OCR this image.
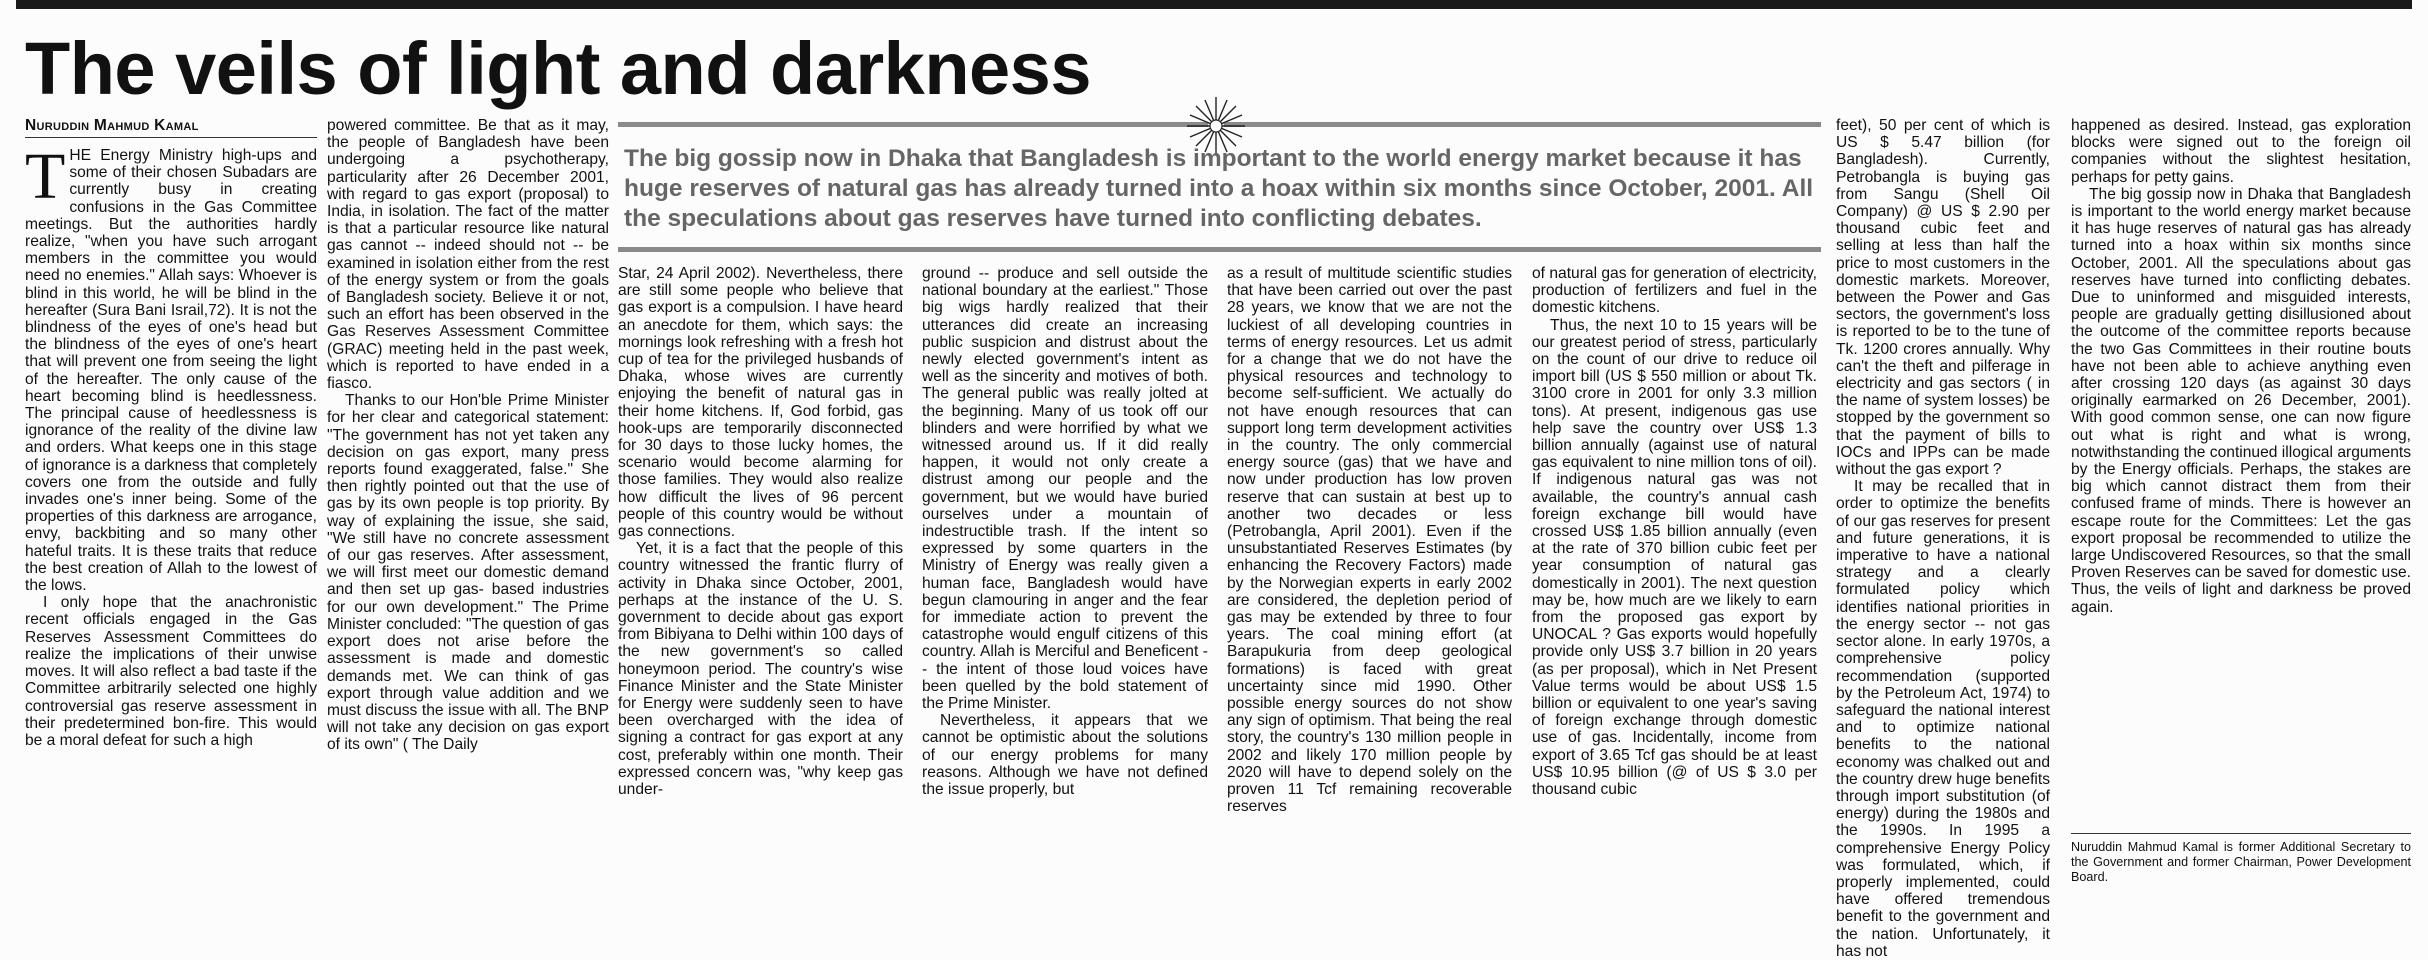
The veils of light and darkness
Nuruddin Mahmud Kamal

THE Energy Ministry high-ups and some of their chosen Subadars are currently busy in creating confusions in the Gas Committee meetings. But the authorities hardly realize, "when you have such arrogant members in the committee you would need no enemies." Allah says: Whoever is blind in this world, he will be blind in the hereafter (Sura Bani Israil,72). It is not the blindness of the eyes of one's head but the blindness of the eyes of one's heart that will prevent one from seeing the light of the hereafter. The only cause of the heart becoming blind is heedlessness. The principal cause of heedlessness is ignorance of the reality of the divine law and orders. What keeps one in this stage of ignorance is a darkness that completely covers one from the outside and fully invades one's inner being. Some of the properties of this darkness are arrogance, envy, backbiting and so many other hateful traits. It is these traits that reduce the best creation of Allah to the lowest of the lows.

I only hope that the anachronistic recent officials engaged in the Gas Reserves Assessment Committees do realize the implications of their unwise moves. It will also reflect a bad taste if the Committee arbitrarily selected one highly controversial gas reserve assessment in their predetermined bon-fire. This would be a moral defeat for such a high

powered committee. Be that as it may, the people of Bangladesh have been undergoing a psychotherapy, particularity after 26 December 2001, with regard to gas export (proposal) to India, in isolation. The fact of the matter is that a particular resource like natural gas cannot -- indeed should not -- be examined in isolation either from the rest of the energy system or from the goals of Bangladesh society. Believe it or not, such an effort has been observed in the Gas Reserves Assessment Committee (GRAC) meeting held in the past week, which is reported to have ended in a fiasco.

Thanks to our Hon'ble Prime Minister for her clear and categorical statement: "The government has not yet taken any decision on gas export, many press reports found exaggerated, false." She then rightly pointed out that the use of gas by its own people is top priority. By way of explaining the issue, she said, "We still have no concrete assessment of our gas reserves. After assessment, we will first meet our domestic demand and then set up gas- based industries for our own development." The Prime Minister concluded: "The question of gas export does not arise before the assessment is made and domestic demands met. We can think of gas export through value addition and we must discuss the issue with all. The BNP will not take any decision on gas export of its own" ( The Daily

The big gossip now in Dhaka that Bangladesh is important to the world energy market because it has huge reserves of natural gas has already turned into a hoax within six months since October, 2001. All the speculations about gas reserves have turned into conflicting debates.

Star, 24 April 2002). Nevertheless, there are still some people who believe that gas export is a compulsion. I have heard an anecdote for them, which says: the mornings look refreshing with a fresh hot cup of tea for the privileged husbands of Dhaka, whose wives are currently enjoying the benefit of natural gas in their home kitchens. If, God forbid, gas hook-ups are temporarily disconnected for 30 days to those lucky homes, the scenario would become alarming for those families. They would also realize how difficult the lives of 96 percent people of this country would be without gas connections.

Yet, it is a fact that the people of this country witnessed the frantic flurry of activity in Dhaka since October, 2001, perhaps at the instance of the U. S. government to decide about gas export from Bibiyana to Delhi within 100 days of the new government's so called honeymoon period. The country's wise Finance Minister and the State Minister for Energy were suddenly seen to have been overcharged with the idea of signing a contract for gas export at any cost, preferably within one month. Their expressed concern was, "why keep gas under-

ground -- produce and sell outside the national boundary at the earliest." Those big wigs hardly realized that their utterances did create an increasing public suspicion and distrust about the newly elected government's intent as well as the sincerity and motives of both. The general public was really jolted at the beginning. Many of us took off our blinders and were horrified by what we witnessed around us. If it did really happen, it would not only create a distrust among our people and the government, but we would have buried ourselves under a mountain of indestructible trash. If the intent so expressed by some quarters in the Ministry of Energy was really given a human face, Bangladesh would have begun clamouring in anger and the fear for immediate action to prevent the catastrophe would engulf citizens of this country. Allah is Merciful and Beneficent -- the intent of those loud voices have been quelled by the bold statement of the Prime Minister.

Nevertheless, it appears that we cannot be optimistic about the solutions of our energy problems for many reasons. Although we have not defined the issue properly, but

as a result of multitude scientific studies that have been carried out over the past 28 years, we know that we are not the luckiest of all developing countries in terms of energy resources. Let us admit for a change that we do not have the physical resources and technology to become self-sufficient. We actually do not have enough resources that can support long term development activities in the country. The only commercial energy source (gas) that we have and now under production has low proven reserve that can sustain at best up to another two decades or less (Petrobangla, April 2001). Even if the unsubstantiated Reserves Estimates (by enhancing the Recovery Factors) made by the Norwegian experts in early 2002 are considered, the depletion period of gas may be extended by three to four years. The coal mining effort (at Barapukuria from deep geological formations) is faced with great uncertainty since mid 1990. Other possible energy sources do not show any sign of optimism. That being the real story, the country's 130 million people in 2002 and likely 170 million people by 2020 will have to depend solely on the proven 11 Tcf remaining recoverable reserves

of natural gas for generation of electricity, production of fertilizers and fuel in the domestic kitchens.

Thus, the next 10 to 15 years will be our greatest period of stress, particularly on the count of our drive to reduce oil import bill (US $ 550 million or about Tk. 3100 crore in 2001 for only 3.3 million tons). At present, indigenous gas use help save the country over US$ 1.3 billion annually (against use of natural gas equivalent to nine million tons of oil). If indigenous natural gas was not available, the country's annual cash foreign exchange bill would have crossed US$ 1.85 billion annually (even at the rate of 370 billion cubic feet per year consumption of natural gas domestically in 2001). The next question may be, how much are we likely to earn from the proposed gas export by UNOCAL ? Gas exports would hopefully provide only US$ 3.7 billion in 20 years (as per proposal), which in Net Present Value terms would be about US$ 1.5 billion or equivalent to one year's saving of foreign exchange through domestic use of gas. Incidentally, income from export of 3.65 Tcf gas should be at least US$ 10.95 billion (@ of US $ 3.0 per thousand cubic

feet), 50 per cent of which is US $ 5.47 billion (for Bangladesh). Currently, Petrobangla is buying gas from Sangu (Shell Oil Company) @ US $ 2.90 per thousand cubic feet and selling at less than half the price to most customers in the domestic markets. Moreover, between the Power and Gas sectors, the government's loss is reported to be to the tune of Tk. 1200 crores annually. Why can't the theft and pilferage in electricity and gas sectors ( in the name of system losses) be stopped by the government so that the payment of bills to IOCs and IPPs can be made without the gas export ?

It may be recalled that in order to optimize the benefits of our gas reserves for present and future generations, it is imperative to have a national strategy and a clearly formulated policy which identifies national priorities in the energy sector -- not gas sector alone. In early 1970s, a comprehensive policy recommendation (supported by the Petroleum Act, 1974) to safeguard the national interest and to optimize national benefits to the national economy was chalked out and the country drew huge benefits through import substitution (of energy) during the 1980s and the 1990s. In 1995 a comprehensive Energy Policy was formulated, which, if properly implemented, could have offered tremendous benefit to the government and the nation. Unfortunately, it has not

happened as desired. Instead, gas exploration blocks were signed out to the foreign oil companies without the slightest hesitation, perhaps for petty gains.

The big gossip now in Dhaka that Bangladesh is important to the world energy market because it has huge reserves of natural gas has already turned into a hoax within six months since October, 2001. All the speculations about gas reserves have turned into conflicting debates. Due to uninformed and misguided interests, people are gradually getting disillusioned about the outcome of the committee reports because the two Gas Committees in their routine bouts have not been able to achieve anything even after crossing 120 days (as against 30 days originally earmarked on 26 December, 2001). With good common sense, one can now figure out what is right and what is wrong, notwithstanding the continued illogical arguments by the Energy officials. Perhaps, the stakes are big which cannot distract them from their confused frame of minds. There is however an escape route for the Committees: Let the gas export proposal be recommended to utilize the large Undiscovered Resources, so that the small Proven Reserves can be saved for domestic use. Thus, the veils of light and darkness be proved again.

Nuruddin Mahmud Kamal is former Additional Secretary to the Government and former Chairman, Power Development Board.
